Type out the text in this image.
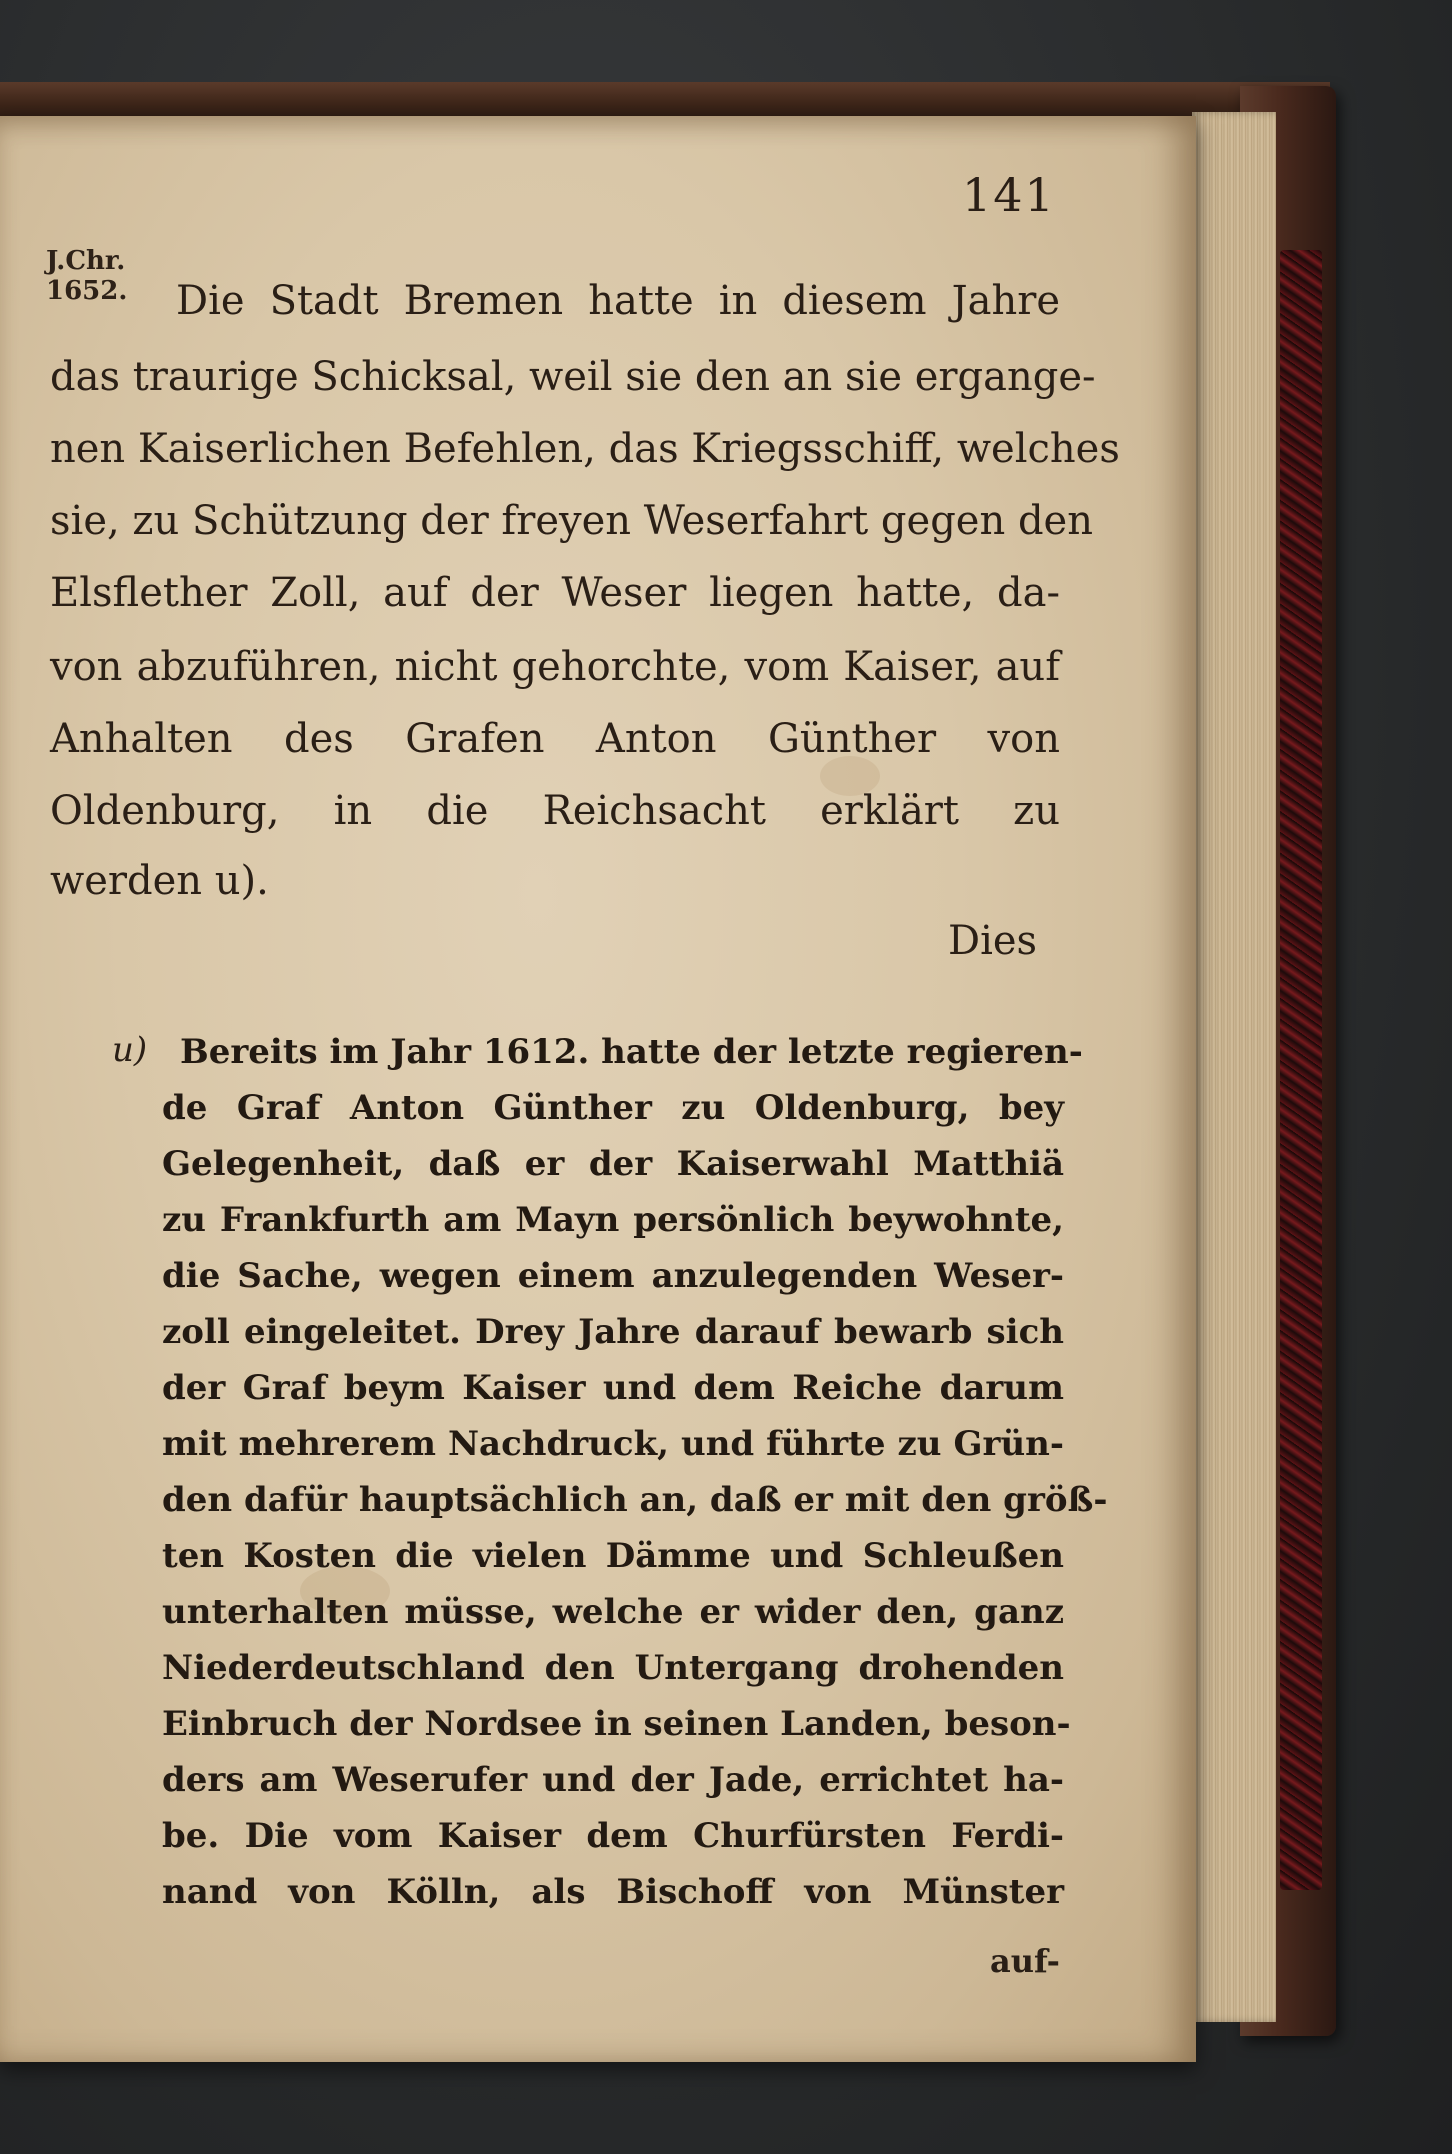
141
J.Chr.
1652. Die Stadt Bremen hatte in diesem Jahre
das traurige Schicksal, weil sie den an sie ergange-
nen Kaiserlichen Befehlen, das Kriegsschiff, welches
sie, zu Schützung der freyen Weserfahrt gegen den
Elsflether Zoll, auf der Weser liegen hatte, da-
von abzuführen, nicht gehorchte, vom Kaiser, auf
Anhalten des Grafen Anton Günther von
Oldenburg, in die Reichsacht erklärt zu
werden u).
Dies
u) Bereits im Jahr 1612. hatte der letzte regieren-
de Graf Anton Günther zu Oldenburg, bey
Gelegenheit, daß er der Kaiserwahl Matthiä
zu Frankfurth am Mayn persönlich beywohnte,
die Sache, wegen einem anzulegenden Weser-
zoll eingeleitet. Drey Jahre darauf bewarb sich
der Graf beym Kaiser und dem Reiche darum
mit mehrerem Nachdruck, und führte zu Grün-
den dafür hauptsächlich an, daß er mit den größ-
ten Kosten die vielen Dämme und Schleußen
unterhalten müsse, welche er wider den, ganz
Niederdeutschland den Untergang drohenden
Einbruch der Nordsee in seinen Landen, beson-
ders am Weserufer und der Jade, errichtet ha-
be. Die vom Kaiser dem Churfürsten Ferdi-
nand von Kölln, als Bischoff von Münster
auf-
